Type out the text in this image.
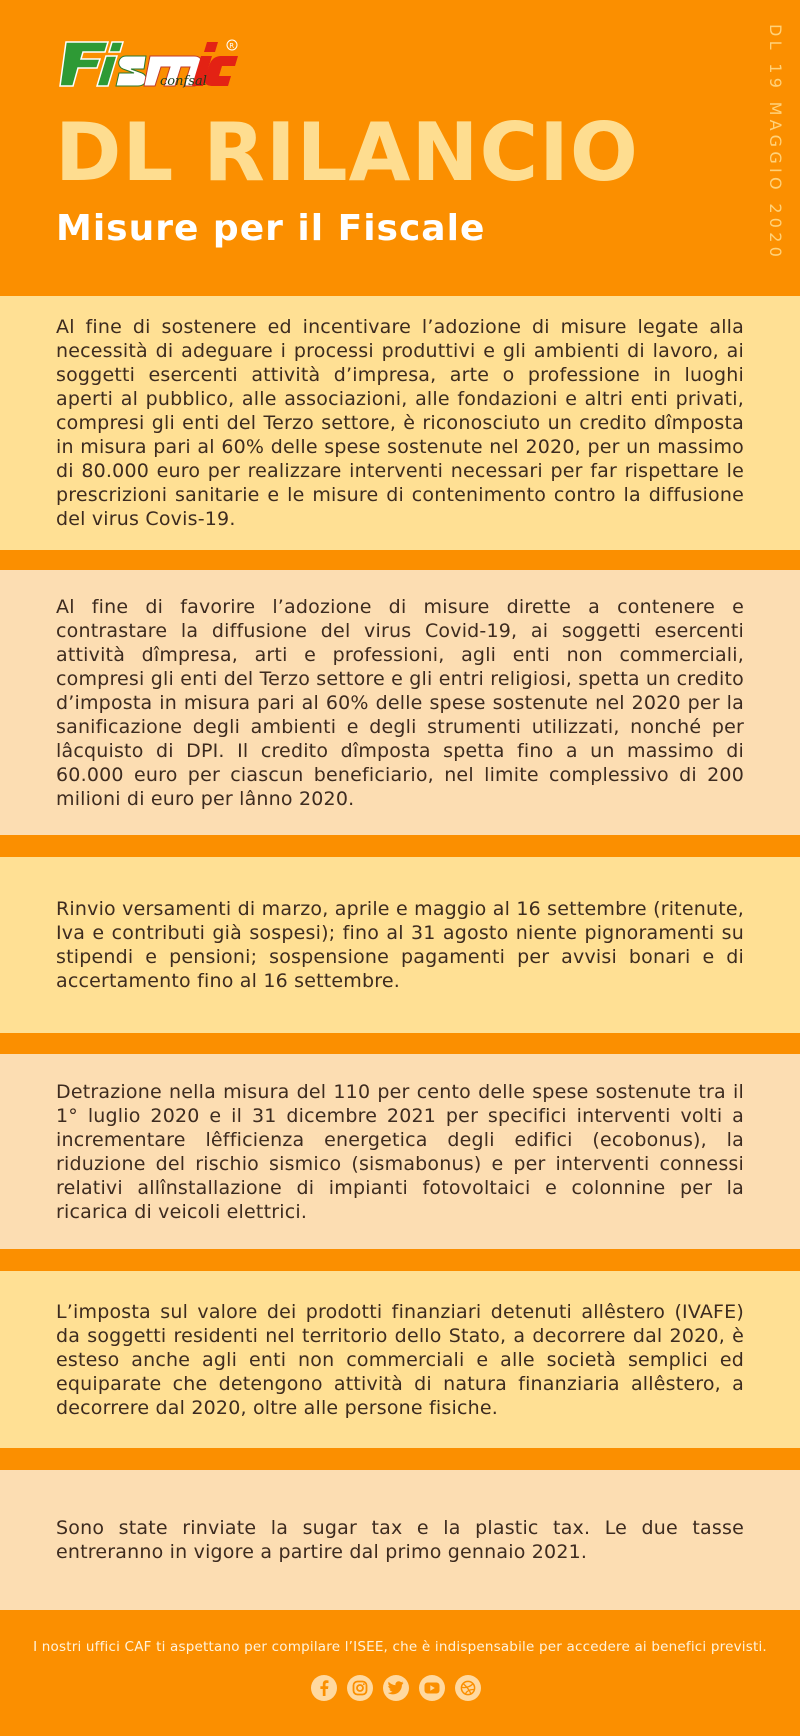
confsal
R
DL RILANCIO
Misure per il Fiscale	DL 19 MAGGIO 2020

Al fine di sostenere ed incentivare l’adozione di misure legate alla necessità di adeguare i processi produttivi e gli ambienti di lavoro, ai soggetti esercenti attività d’impresa, arte o professione in luoghi aperti al pubblico, alle associazioni, alle fondazioni e altri enti privati, compresi gli enti del Terzo settore, è riconosciuto un credito dîmposta in misura pari al 60% delle spese sostenute nel 2020, per un massimo di 80.000 euro per realizzare interventi necessari per far rispettare le prescrizioni sanitarie e le misure di contenimento contro la diffusione del virus Covis-19.

Al fine di favorire l’adozione di misure dirette a contenere e contrastare la diffusione del virus Covid-19, ai soggetti esercenti attività dîmpresa, arti e professioni, agli enti non commerciali, compresi gli enti del Terzo settore e gli entri religiosi, spetta un credito d’imposta in misura pari al 60% delle spese sostenute nel 2020 per la sanificazione degli ambienti e degli strumenti utilizzati, nonché per lâcquisto di DPI. Il credito dîmposta spetta fino a un massimo di 60.000 euro per ciascun beneficiario, nel limite complessivo di 200 milioni di euro per lânno 2020.

Rinvio versamenti di marzo, aprile e maggio al 16 settembre (ritenute, Iva e contributi già sospesi); fino al 31 agosto niente pignoramenti su stipendi e pensioni; sospensione pagamenti per avvisi bonari e di accertamento fino al 16 settembre.

Detrazione nella misura del 110 per cento delle spese sostenute tra il 1° luglio 2020 e il 31 dicembre 2021 per specifici interventi volti a incrementare lêfficienza energetica degli edifici (ecobonus), la riduzione del rischio sismico (sismabonus) e per interventi connessi relativi allînstallazione di impianti fotovoltaici e colonnine per la ricarica di veicoli elettrici.

L’imposta sul valore dei prodotti finanziari detenuti allêstero (IVAFE) da soggetti residenti nel territorio dello Stato, a decorrere dal 2020, è esteso anche agli enti non commerciali e alle società semplici ed equiparate che detengono attività di natura finanziaria allêstero, a decorrere dal 2020, oltre alle persone fisiche.

Sono state rinviate la sugar tax e la plastic tax. Le due tasse entreranno in vigore a partire dal primo gennaio 2021.

I nostri uffici CAF ti aspettano per compilare l’ISEE, che è indispensabile per accedere ai benefici previsti.
